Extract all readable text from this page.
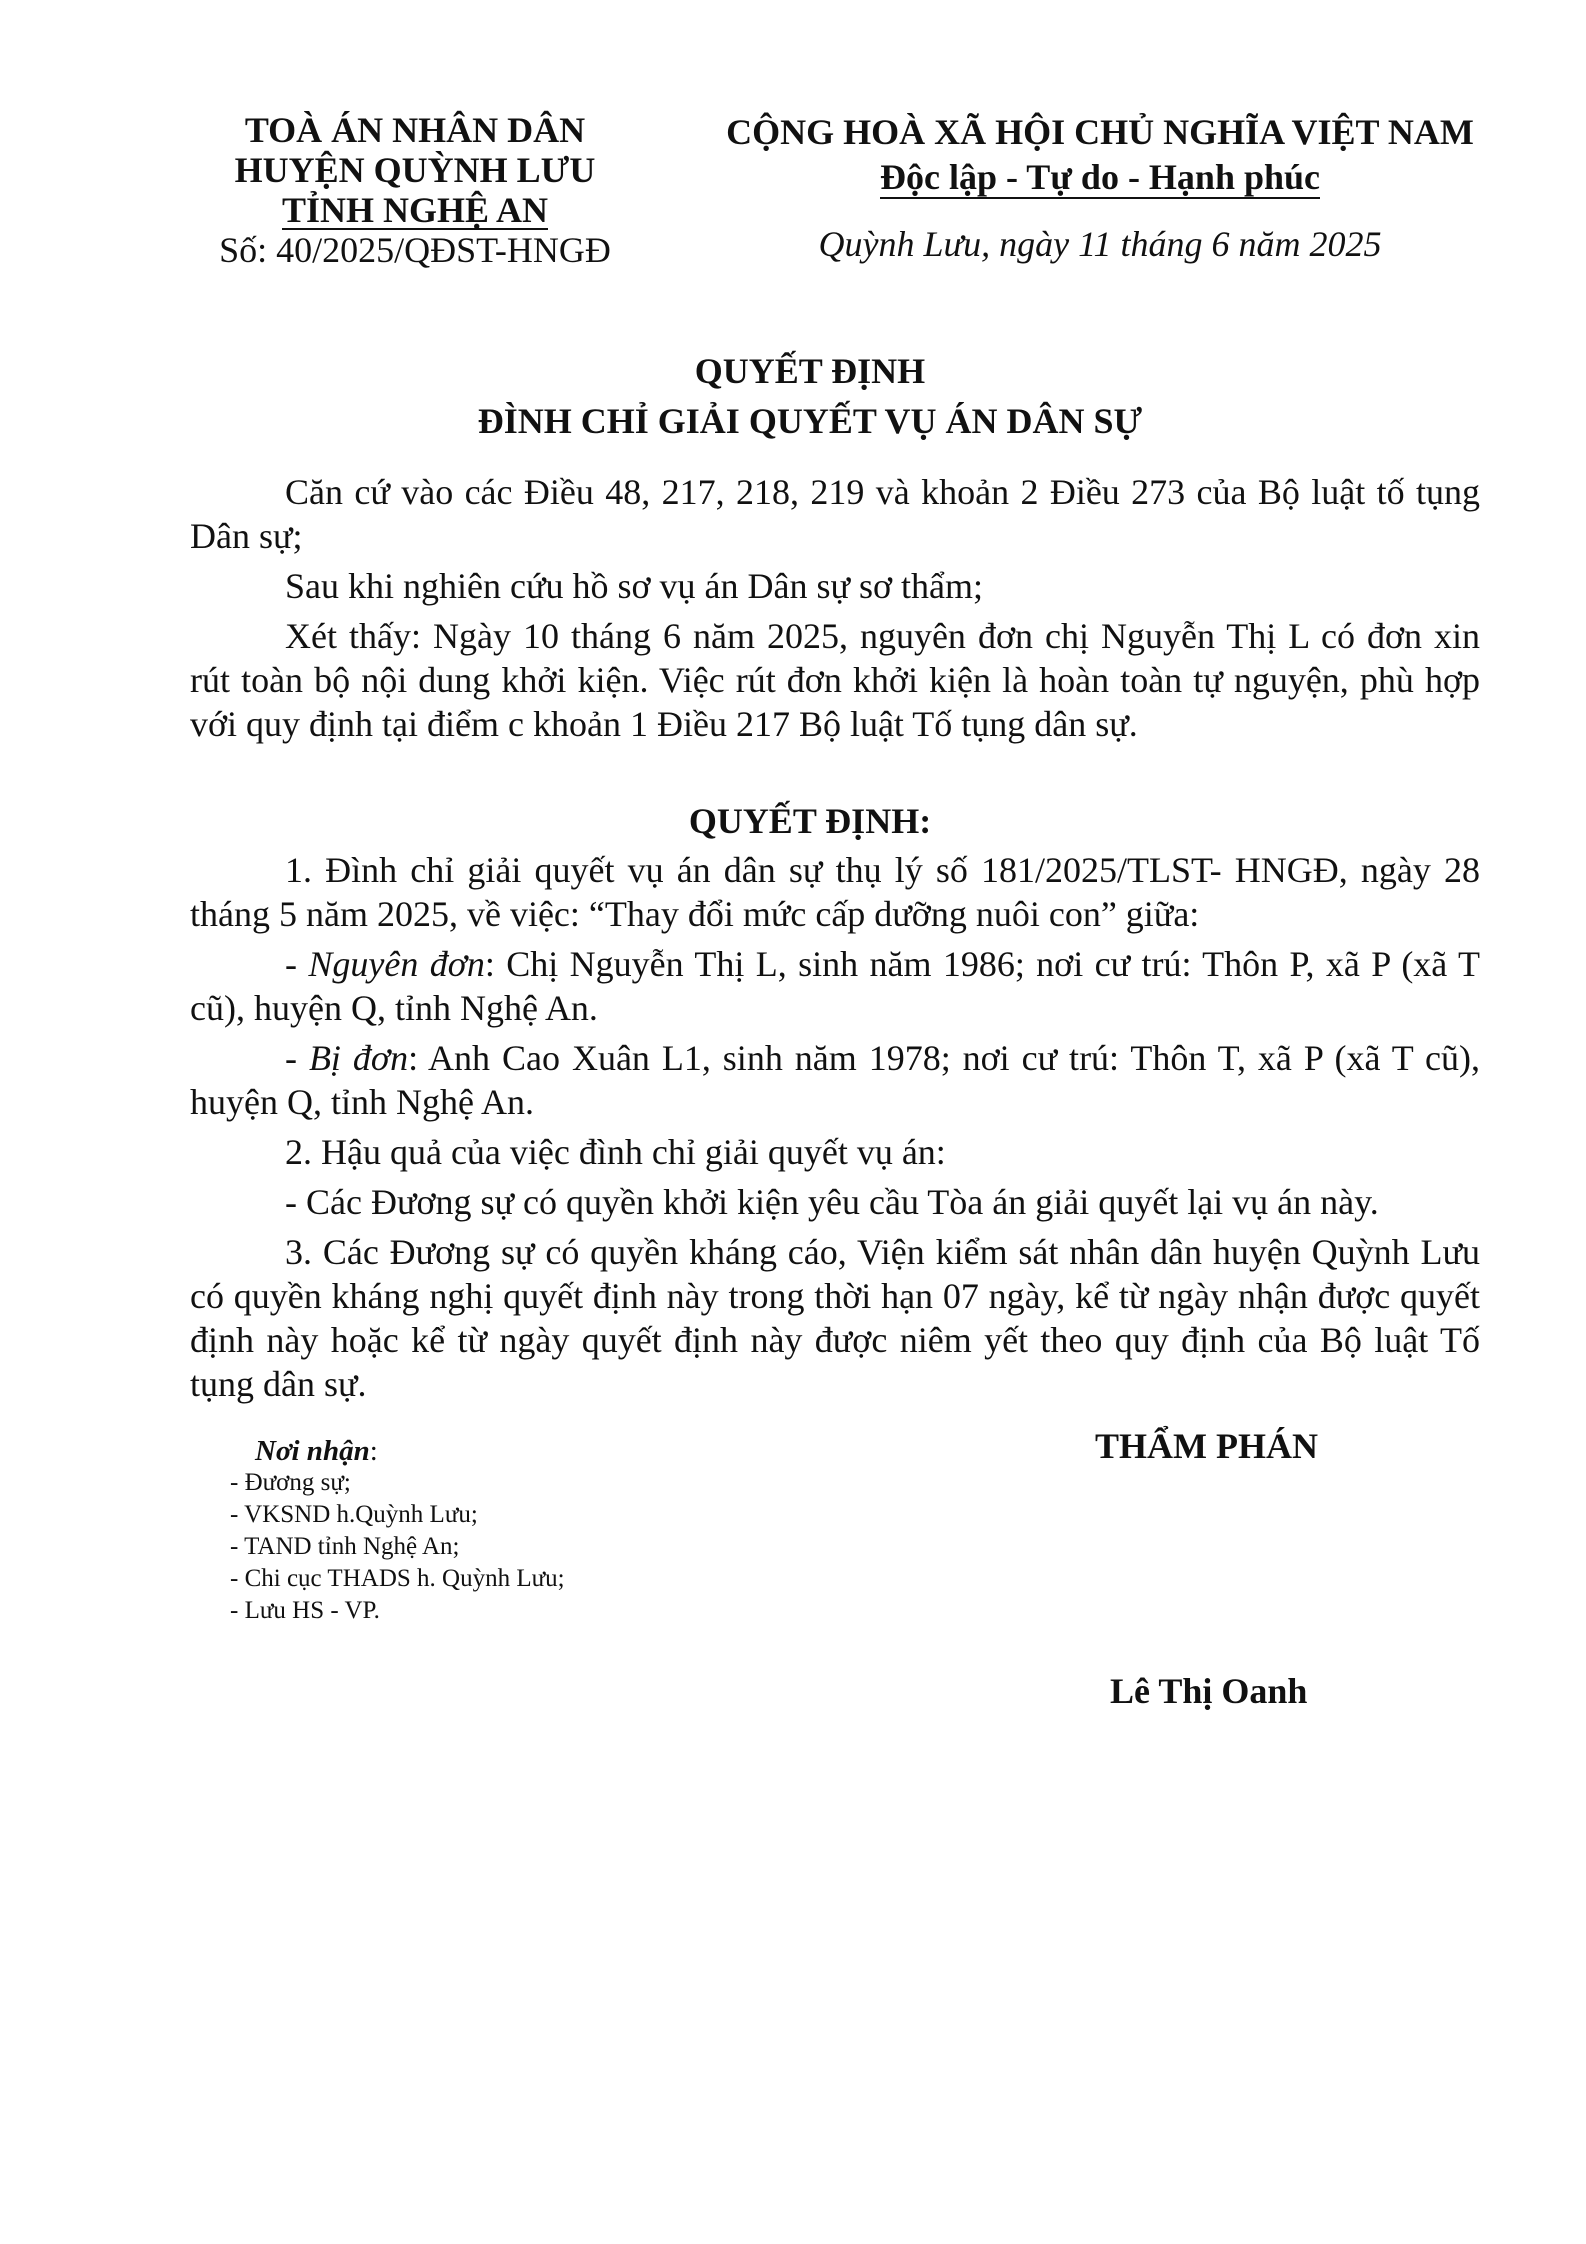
TOÀ ÁN NHÂN DÂN
HUYỆN QUỲNH LƯU
TỈNH NGHỆ AN
Số: 40/2025/QĐST-HNGĐ
CỘNG HOÀ XÃ HỘI CHỦ NGHĨA VIỆT NAM
Độc lập - Tự do - Hạnh phúc
Quỳnh Lưu, ngày 11 tháng 6 năm 2025
QUYẾT ĐỊNH
ĐÌNH CHỈ GIẢI QUYẾT VỤ ÁN DÂN SỰ

Căn cứ vào các Điều 48, 217, 218, 219 và khoản 2 Điều 273 của Bộ luật tố tụng Dân sự;

Sau khi nghiên cứu hồ sơ vụ án Dân sự sơ thẩm;

Xét thấy: Ngày 10 tháng 6 năm 2025, nguyên đơn chị Nguyễn Thị L có đơn xin rút toàn bộ nội dung khởi kiện. Việc rút đơn khởi kiện là hoàn toàn tự nguyện, phù hợp với quy định tại điểm c khoản 1 Điều 217 Bộ luật Tố tụng dân sự.

QUYẾT ĐỊNH:

1. Đình chỉ giải quyết vụ án dân sự thụ lý số 181/2025/TLST- HNGĐ, ngày 28 tháng 5 năm 2025, về việc: “Thay đổi mức cấp dưỡng nuôi con” giữa:

- Nguyên đơn: Chị Nguyễn Thị L, sinh năm 1986; nơi cư trú: Thôn P, xã P (xã T cũ), huyện Q, tỉnh Nghệ An.

- Bị đơn: Anh Cao Xuân L1, sinh năm 1978; nơi cư trú: Thôn T, xã P (xã T cũ), huyện Q, tỉnh Nghệ An.

2. Hậu quả của việc đình chỉ giải quyết vụ án:

- Các Đương sự có quyền khởi kiện yêu cầu Tòa án giải quyết lại vụ án này.

3. Các Đương sự có quyền kháng cáo, Viện kiểm sát nhân dân huyện Quỳnh Lưu có quyền kháng nghị quyết định này trong thời hạn 07 ngày, kể từ ngày nhận được quyết định này hoặc kể từ ngày quyết định này được niêm yết theo quy định của Bộ luật Tố tụng dân sự.

Nơi nhận:
- Đương sự;
- VKSND h.Quỳnh Lưu;
- TAND tỉnh Nghệ An;
- Chi cục THADS h. Quỳnh Lưu;
- Lưu HS - VP.
THẨM PHÁN
Lê Thị Oanh
